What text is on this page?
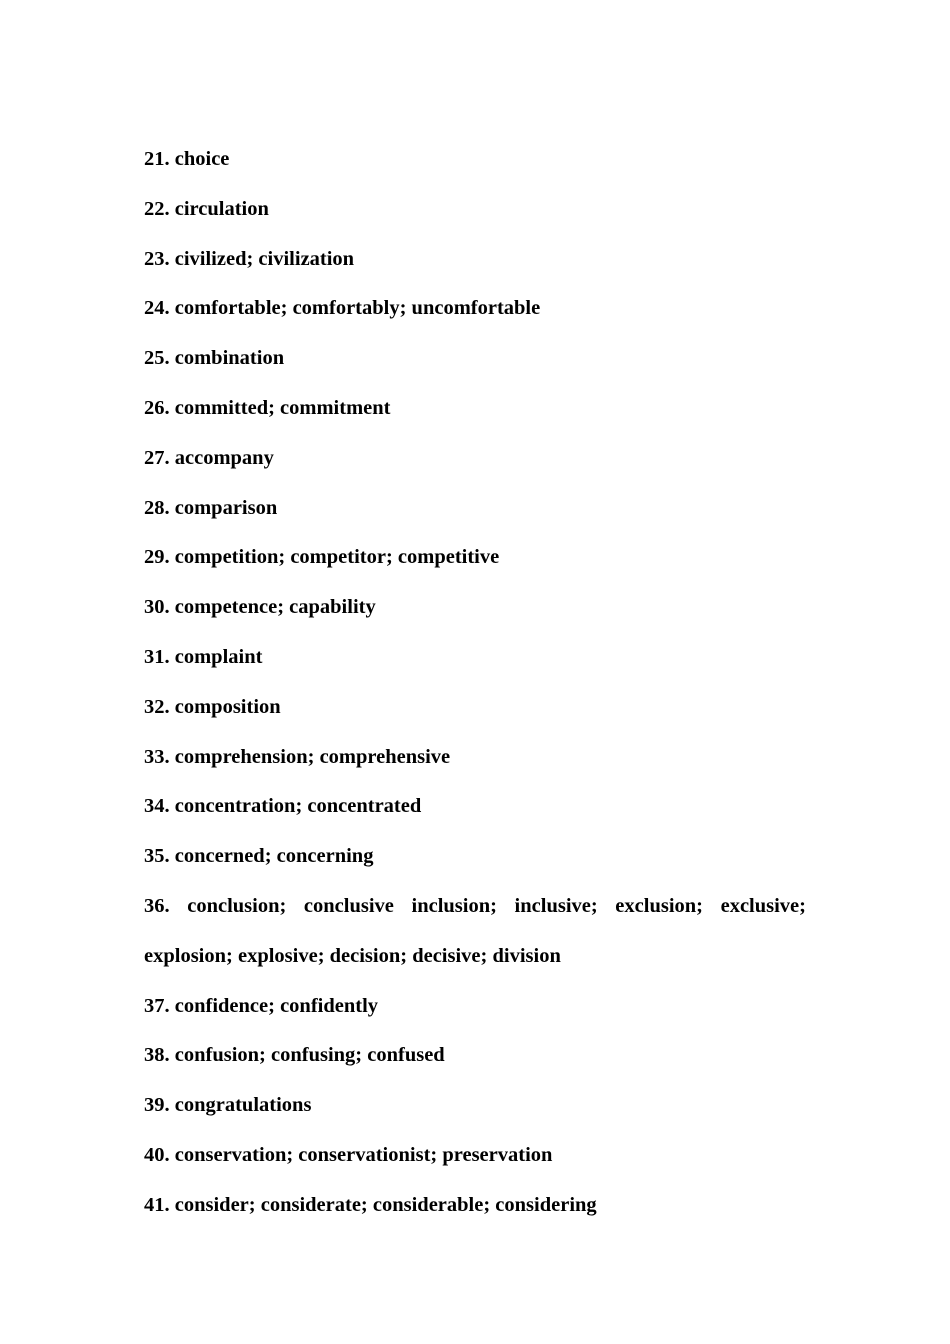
21. choice

22. circulation

23. civilized; civilization

24. comfortable; comfortably; uncomfortable

25. combination

26. committed; commitment

27. accompany

28. comparison

29. competition; competitor; competitive

30. competence; capability

31. complaint

32. composition

33. comprehension; comprehensive

34. concentration; concentrated

35. concerned; concerning

36. conclusion; conclusive inclusion; inclusive; exclusion; exclusive; explosion; explosive; decision; decisive; division

37. confidence; confidently

38. confusion; confusing; confused

39. congratulations

40. conservation; conservationist; preservation

41. consider; considerate; considerable; considering
